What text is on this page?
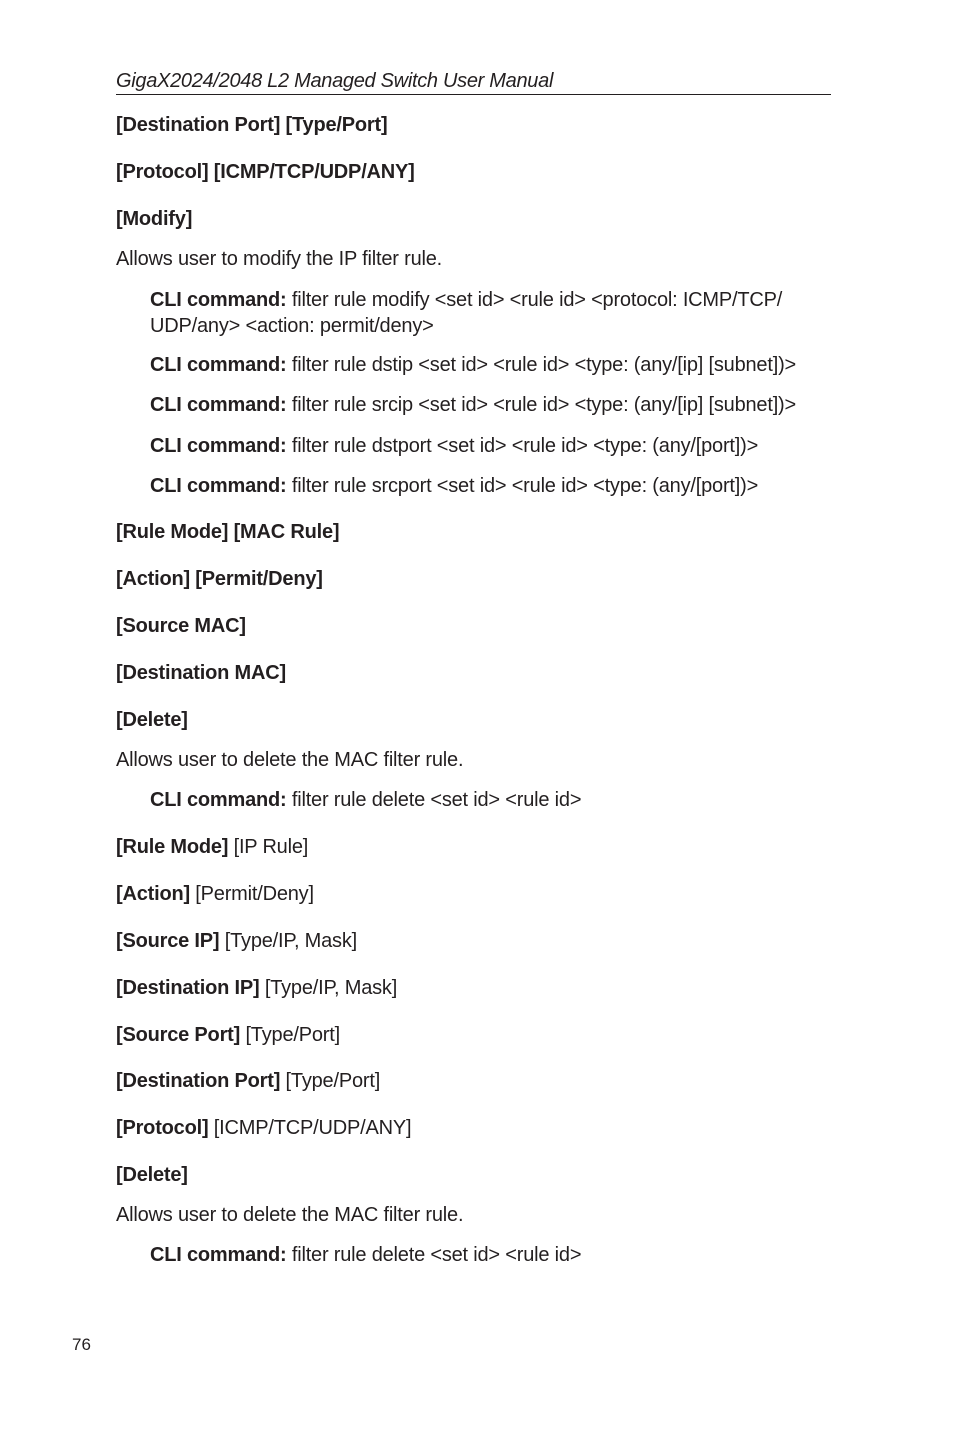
GigaX2024/2048 L2 Managed Switch User Manual
[Destination Port] [Type/Port]
[Protocol] [ICMP/TCP/UDP/ANY]
[Modify]
Allows user to modify the IP filter rule.
CLI command: filter rule modify <set id> <rule id> <protocol: ICMP/TCP/ UDP/any> <action: permit/deny>
CLI command: filter rule dstip <set id> <rule id> <type: (any/[ip] [subnet])>
CLI command: filter rule srcip <set id> <rule id> <type: (any/[ip] [subnet])>
CLI command: filter rule dstport <set id> <rule id> <type: (any/[port])>
CLI command: filter rule srcport <set id> <rule id> <type: (any/[port])>
[Rule Mode] [MAC Rule]
[Action] [Permit/Deny]
[Source MAC]
[Destination MAC]
[Delete]
Allows user to delete the MAC filter rule.
CLI command: filter rule delete <set id> <rule id>
[Rule Mode] [IP Rule]
[Action] [Permit/Deny]
[Source IP] [Type/IP, Mask]
[Destination IP] [Type/IP, Mask]
[Source Port] [Type/Port]
[Destination Port] [Type/Port]
[Protocol] [ICMP/TCP/UDP/ANY]
[Delete]
Allows user to delete the MAC filter rule.
CLI command: filter rule delete <set id> <rule id>
76
